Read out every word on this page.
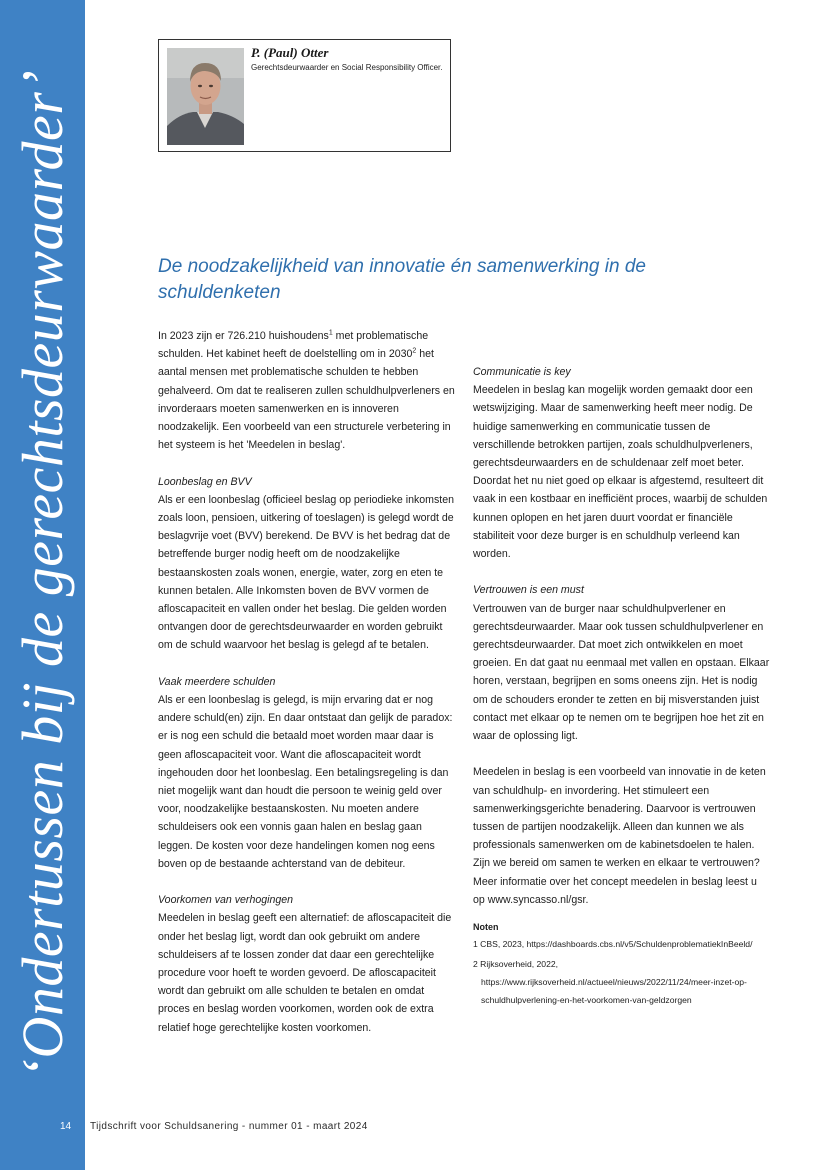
‘Ondertussen bij de gerechtsdeurwaarder’
14
P. (Paul) Otter
Gerechtsdeurwaarder en Social Responsibility Officer.
De noodzakelijkheid van innovatie én samenwerking in de schuldenketen

In 2023 zijn er 726.210 huishoudens$^1$ met problematische schulden. Het kabinet heeft de doelstelling om in 2030$^2$ het aantal mensen met problematische schulden te hebben gehalveerd. Om dat te realiseren zullen schuldhulpverleners en invorderaars moeten samenwerken en is innoveren noodzakelijk. Een voorbeeld van een structurele verbetering in het systeem is het 'Meedelen in beslag'.

Loonbeslag en BVV

Als er een loonbeslag (officieel beslag op periodieke inkomsten zoals loon, pensioen, uitkering of toeslagen) is gelegd wordt de beslagvrije voet (BVV) berekend. De BVV is het bedrag dat de betreffende burger nodig heeft om de noodzakelijke bestaanskosten zoals wonen, energie, water, zorg en eten te kunnen betalen. Alle Inkomsten boven de BVV vormen de afloscapaciteit en vallen onder het beslag. Die gelden worden ontvangen door de gerechtsdeurwaarder en worden gebruikt om de schuld waarvoor het beslag is gelegd af te betalen.

Vaak meerdere schulden

Als er een loonbeslag is gelegd, is mijn ervaring dat er nog andere schuld(en) zijn. En daar ontstaat dan gelijk de paradox: er is nog een schuld die betaald moet worden maar daar is geen afloscapaciteit voor. Want die afloscapaciteit wordt ingehouden door het loonbeslag. Een betalingsregeling is dan niet mogelijk want dan houdt die persoon te weinig geld over voor, noodzakelijke bestaanskosten. Nu moeten andere schuldeisers ook een vonnis gaan halen en beslag gaan leggen. De kosten voor deze handelingen komen nog eens boven op de bestaande achterstand van de debiteur.

Voorkomen van verhogingen

Meedelen in beslag geeft een alternatief: de afloscapaciteit die onder het beslag ligt, wordt dan ook gebruikt om andere schuldeisers af te lossen zonder dat daar een gerechtelijke procedure voor hoeft te worden gevoerd. De afloscapaciteit wordt dan gebruikt om alle schulden te betalen en omdat proces en beslag worden voorkomen, worden ook de extra relatief hoge gerechtelijke kosten voorkomen.

Communicatie is key

Meedelen in beslag kan mogelijk worden gemaakt door een wetswijziging. Maar de samenwerking heeft meer nodig. De huidige samenwerking en communicatie tussen de verschillende betrokken partijen, zoals schuldhulpverleners, gerechtsdeurwaarders en de schuldenaar zelf moet beter. Doordat het nu niet goed op elkaar is afgestemd, resulteert dit vaak in een kostbaar en inefficiënt proces, waarbij de schulden kunnen oplopen en het jaren duurt voordat er financiële stabiliteit voor deze burger is en schuldhulp verleend kan worden.

Vertrouwen is een must

Vertrouwen van de burger naar schuldhulpverlener en gerechtsdeurwaarder. Maar ook tussen schuldhulpverlener en gerechtsdeurwaarder. Dat moet zich ontwikkelen en moet groeien. En dat gaat nu eenmaal met vallen en opstaan. Elkaar horen, verstaan, begrijpen en soms oneens zijn. Het is nodig om de schouders eronder te zetten en bij misverstanden juist contact met elkaar op te nemen om te begrijpen hoe het zit en waar de oplossing ligt.

Meedelen in beslag is een voorbeeld van innovatie in de keten van schuldhulp- en invordering. Het stimuleert een samenwerkingsgerichte benadering. Daarvoor is vertrouwen tussen de partijen noodzakelijk. Alleen dan kunnen we als professionals samenwerken om de kabinetsdoelen te halen. Zijn we bereid om samen te werken en elkaar te vertrouwen? Meer informatie over het concept meedelen in beslag leest u op www.syncasso.nl/gsr.

Noten

1 CBS, 2023, https://dashboards.cbs.nl/v5/SchuldenproblematiekInBeeld/

2 Rijksoverheid, 2022, https://www.rijksoverheid.nl/actueel/nieuws/2022/11/24/meer-inzet-op-schuldhulpverlening-en-het-voorkomen-van-geldzorgen

Tijdschrift voor Schuldsanering - nummer 01 - maart 2024
